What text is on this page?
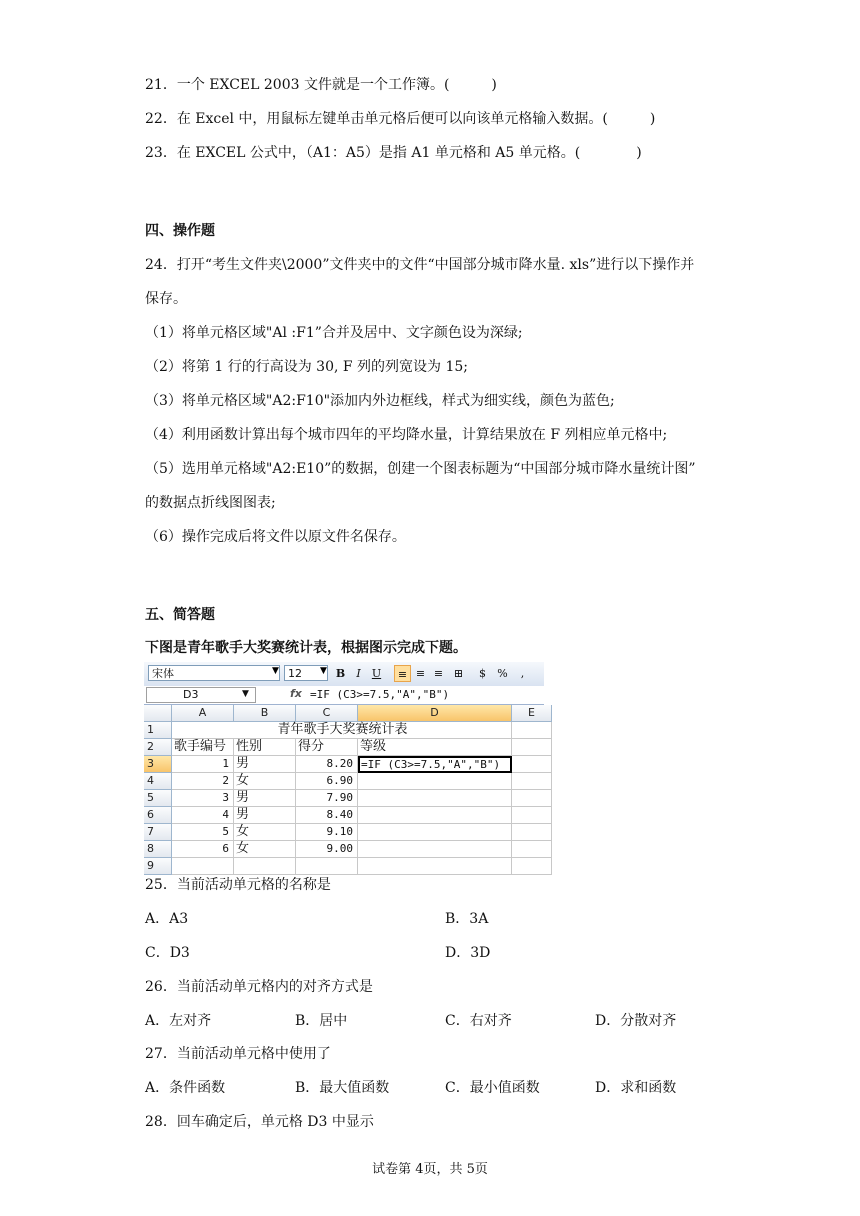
21．一个 EXCEL 2003 文件就是一个工作簿。(　　　)
22．在 Excel 中，用鼠标左键单击单元格后便可以向该单元格输入数据。(　　　)
23．在 EXCEL 公式中，（A1：A5）是指 A1 单元格和 A5 单元格。(　　　　)
四、操作题
24．打开“考生文件夹\2000”文件夹中的文件“中国部分城市降水量. xls”进行以下操作并
保存。
（1）将单元格区域"Al :F1”合并及居中、文字颜色设为深绿;
（2）将第 1 行的行高设为 30, F 列的列宽设为 15;
（3）将单元格区域"A2:F10"添加内外边框线，样式为细实线，颜色为蓝色;
（4）利用函数计算出每个城市四年的平均降水量，计算结果放在 F 列相应单元格中;
（5）选用单元格域"A2:E10”的数据，创建一个图表标题为“中国部分城市降水量统计图”
的数据点折线图图表;
（6）操作完成后将文件以原文件名保存。
五、简答题
下图是青年歌手大奖赛统计表，根据图示完成下题。
宋体	▼ 12	▼ B	I	U	≡ ≡ ≡ ⊞	$	%	,
D3	▼	fx =IF (C3>=7.5,"A","B")
A	B	C	D	E
1
2
3
4
5
6
7
8
9
青年歌手大奖赛统计表
歌手编号 性别	得分	等级
1 男	8.20 =IF (C3>=7.5,"A","B")
2 女	6.90
3 男	7.90
4 男	8.40
5 女	9.10
6 女	9.00
25．当前活动单元格的名称是
A．A3	B．3A
C．D3	D．3D
26．当前活动单元格内的对齐方式是
A．左对齐	B．居中	C．右对齐	D．分散对齐
27．当前活动单元格中使用了
A．条件函数	B．最大值函数	C．最小值函数	D．求和函数
28．回车确定后，单元格 D3 中显示
试卷第 4页，共 5页
